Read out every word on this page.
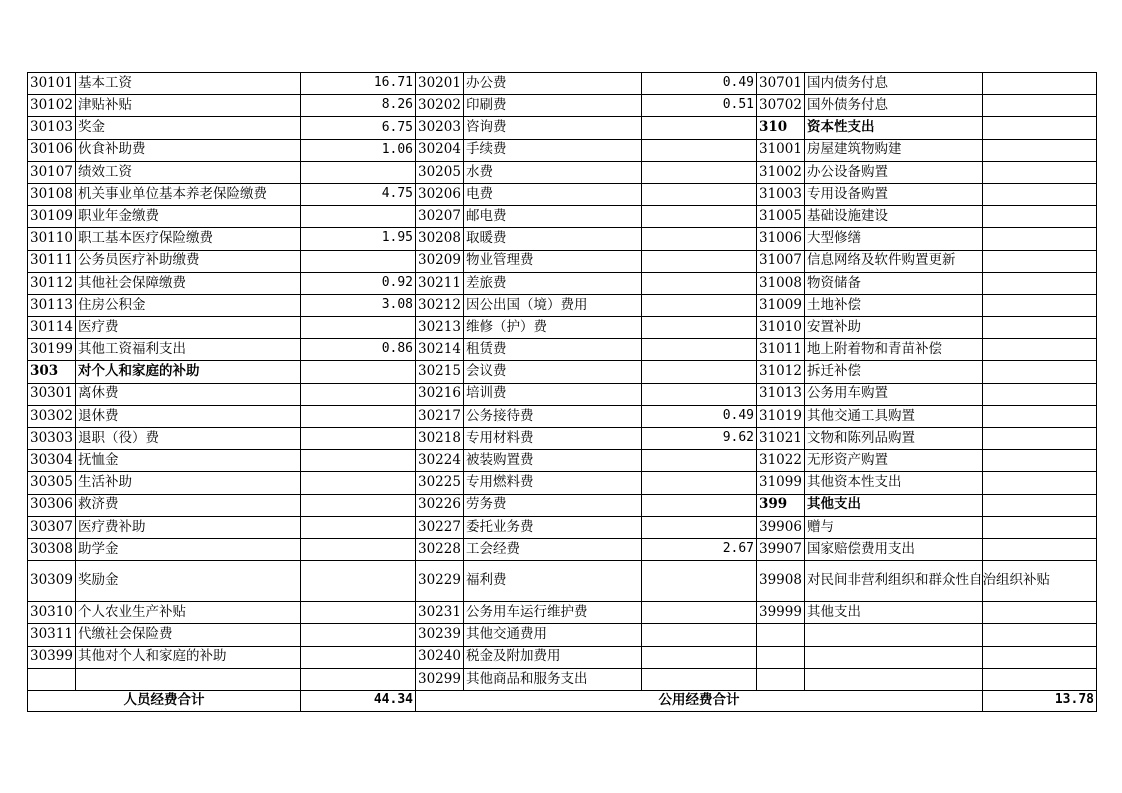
30101	基本工资	16.71	30201	办公费	0.49	30701	国内债务付息	
30102	津贴补贴	8.26	30202	印刷费	0.51	30702	国外债务付息	
30103	奖金	6.75	30203	咨询费		310	资本性支出	
30106	伙食补助费	1.06	30204	手续费		31001	房屋建筑物购建	
30107	绩效工资		30205	水费		31002	办公设备购置	
30108	机关事业单位基本养老保险缴费	4.75	30206	电费		31003	专用设备购置	
30109	职业年金缴费		30207	邮电费		31005	基础设施建设	
30110	职工基本医疗保险缴费	1.95	30208	取暖费		31006	大型修缮	
30111	公务员医疗补助缴费		30209	物业管理费		31007	信息网络及软件购置更新	
30112	其他社会保障缴费	0.92	30211	差旅费		31008	物资储备	
30113	住房公积金	3.08	30212	因公出国（境）费用		31009	土地补偿	
30114	医疗费		30213	维修（护）费		31010	安置补助	
30199	其他工资福利支出	0.86	30214	租赁费		31011	地上附着物和青苗补偿	
303	对个人和家庭的补助		30215	会议费		31012	拆迁补偿	
30301	离休费		30216	培训费		31013	公务用车购置	
30302	退休费		30217	公务接待费	0.49	31019	其他交通工具购置	
30303	退职（役）费		30218	专用材料费	9.62	31021	文物和陈列品购置	
30304	抚恤金		30224	被装购置费		31022	无形资产购置	
30305	生活补助		30225	专用燃料费		31099	其他资本性支出	
30306	救济费		30226	劳务费		399	其他支出	
30307	医疗费补助		30227	委托业务费		39906	赠与	
30308	助学金		30228	工会经费	2.67	39907	国家赔偿费用支出	
30309	奖励金		30229	福利费		39908	对民间非营利组织和群众性自治组织补贴	
30310	个人农业生产补贴		30231	公务用车运行维护费		39999	其他支出	
30311	代缴社会保险费		30239	其他交通费用				
30399	其他对个人和家庭的补助		30240	税金及附加费用				
			30299	其他商品和服务支出				
人员经费合计		44.34	公用经费合计					13.78
